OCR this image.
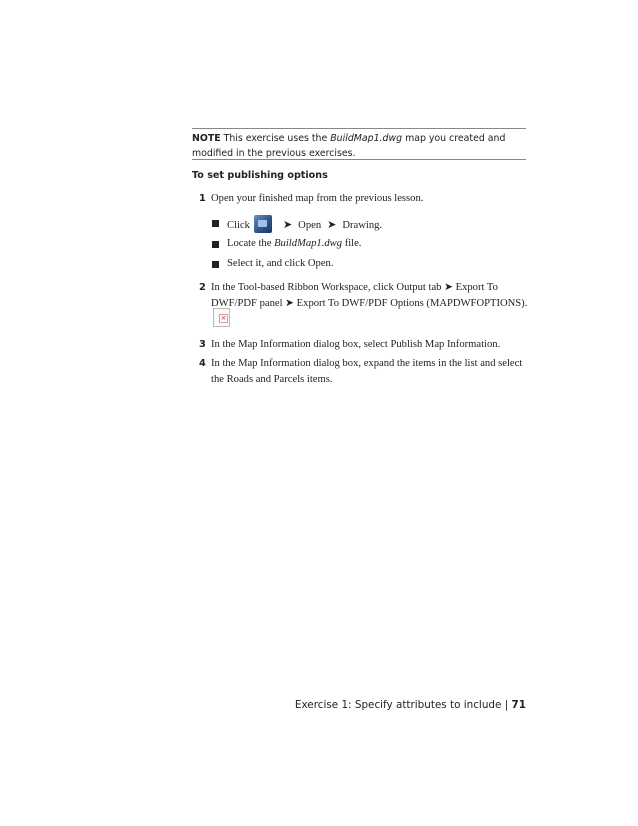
NOTE This exercise uses the BuildMap1.dwg map you created and modified in the previous exercises.
To set publishing options
1 Open your finished map from the previous lesson.
Click	➤ Open ➤ Drawing.
Locate the BuildMap1.dwg file.
Select it, and click Open.
2 In the Tool-based Ribbon Workspace, click Output tab ➤ Export To DWF/PDF panel ➤ Export To DWF/PDF Options (MAPDWFOPTIONS).
×
3 In the Map Information dialog box, select Publish Map Information.
4 In the Map Information dialog box, expand the items in the list and select the Roads and Parcels items.
Exercise 1: Specify attributes to include | 71
